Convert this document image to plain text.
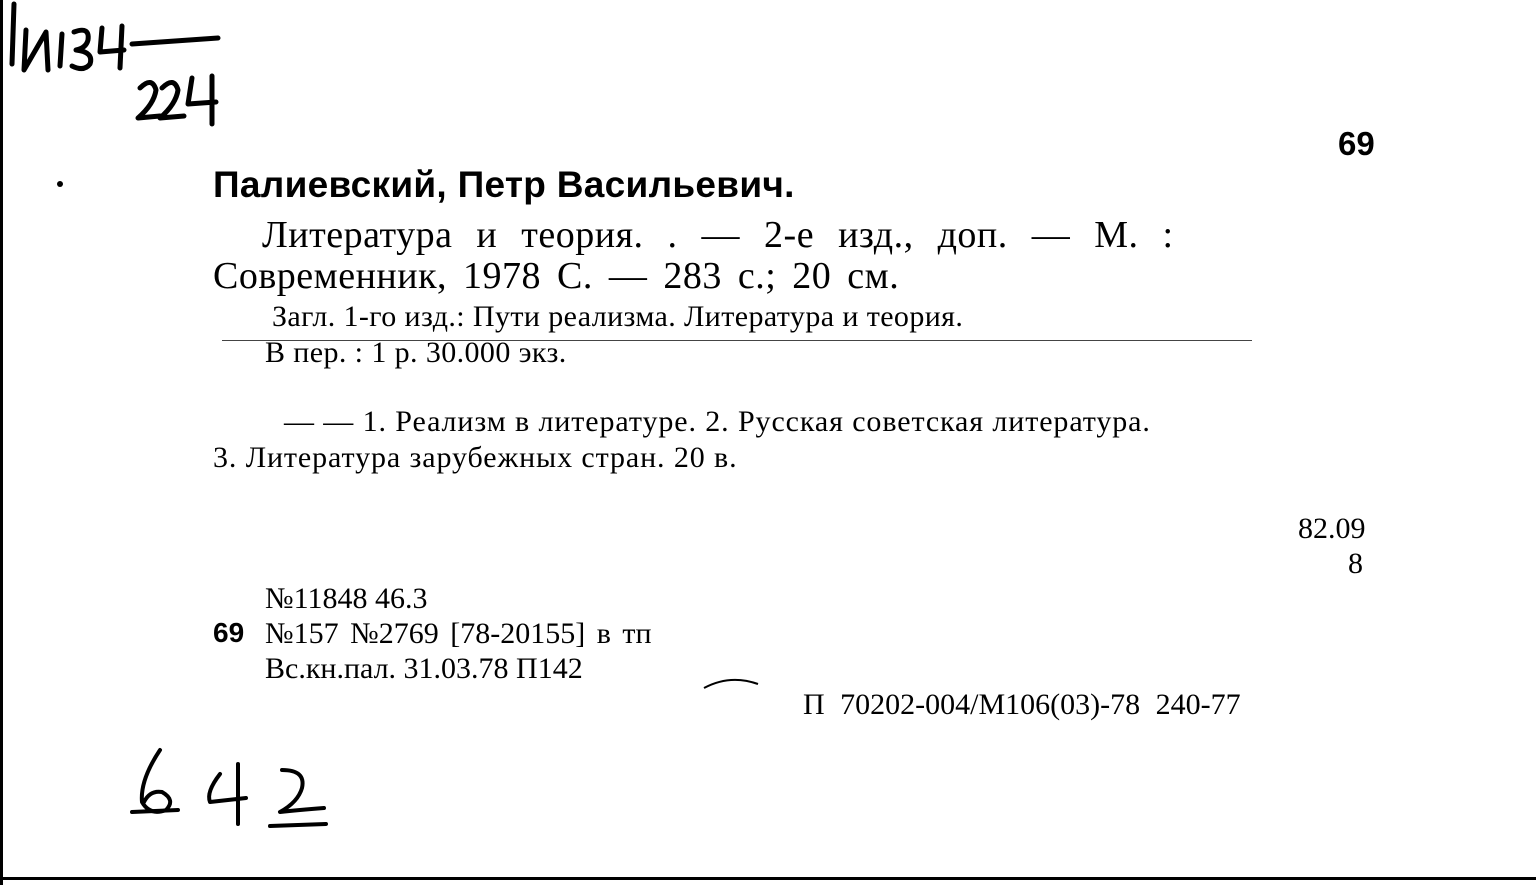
69
Палиевский, Петр Васильевич.
Литература и теория. . — 2-е изд., доп. — М. :
Современник, 1978 С. — 283 с.; 20 см.
Загл. 1-го изд.: Пути реализма. Литература и теория.
В пер. : 1 р. 30.000 экз.
— — 1. Реализм в литературе. 2. Русская советская литература.
3. Литература зарубежных стран. 20 в.
82.09
8
№11848 46.3
69 №157 №2769 [78-20155] в тп
Вс.кн.пал. 31.03.78 П142
П 70202-004/М106(03)-78 240-77
